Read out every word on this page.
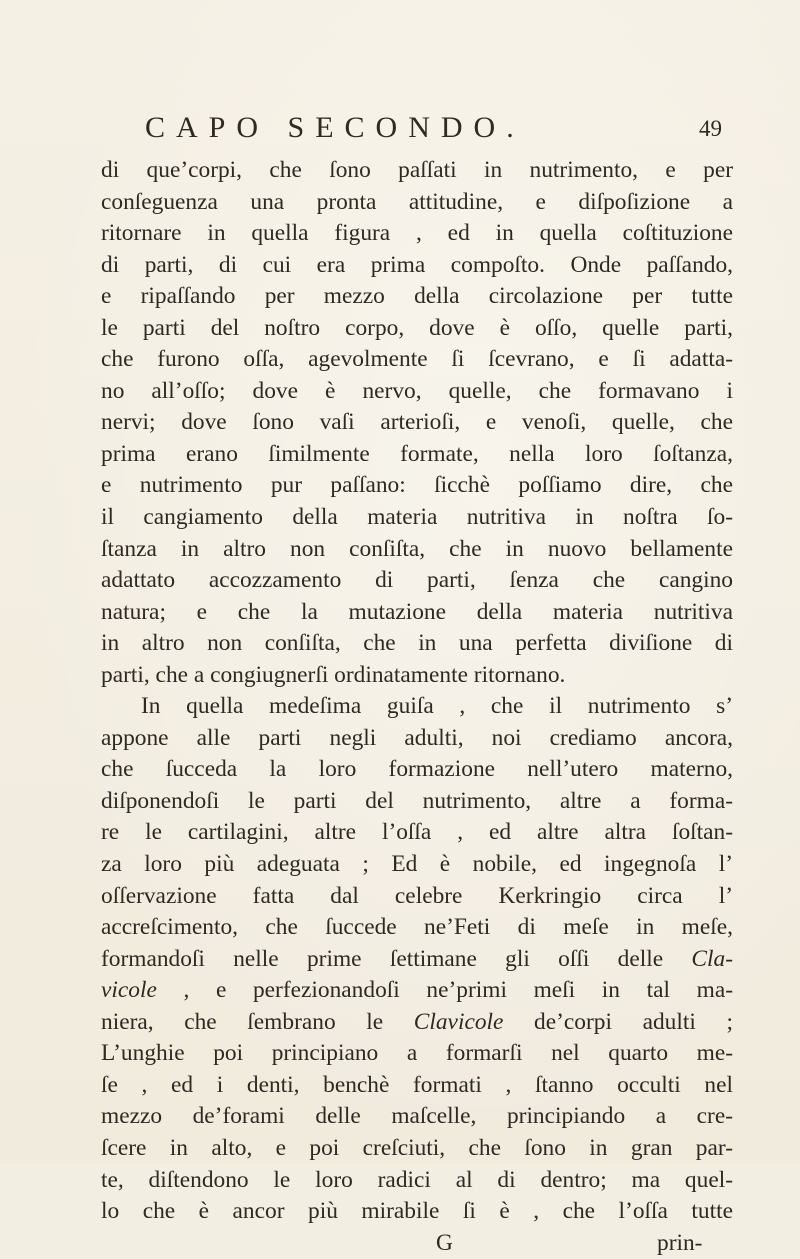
CAPO SECONDO.	49
di que’corpi, che ſono paſſati in nutrimento, e per
conſeguenza una pronta attitudine, e diſpoſizione a
ritornare in quella figura , ed in quella coſtituzione
di parti, di cui era prima compoſto. Onde paſſando,
e ripaſſando per mezzo della circolazione per tutte
le parti del noſtro corpo, dove è oſſo, quelle parti,
che furono oſſa, agevolmente ſi ſcevrano, e ſi adatta-
no all’oſſo; dove è nervo, quelle, che formavano i
nervi; dove ſono vaſi arterioſi, e venoſi, quelle, che
prima erano ſimilmente formate, nella loro ſoſtanza,
e nutrimento pur paſſano: ſicchè poſſiamo dire, che
il cangiamento della materia nutritiva in noſtra ſo-
ſtanza in altro non conſiſta, che in nuovo bellamente
adattato accozzamento di parti, ſenza che cangino
natura; e che la mutazione della materia nutritiva
in altro non conſiſta, che in una perfetta diviſione di
parti, che a congiugnerſi ordinatamente ritornano.
In quella medeſima guiſa , che il nutrimento s’
appone alle parti negli adulti, noi crediamo ancora,
che ſucceda la loro formazione nell’utero materno,
diſponendoſi le parti del nutrimento, altre a forma-
re le cartilagini, altre l’oſſa , ed altre altra ſoſtan-
za loro più adeguata ; Ed è nobile, ed ingegnoſa l’
oſſervazione fatta dal celebre Kerkringio circa l’
accreſcimento, che ſuccede ne’Feti di meſe in meſe,
formandoſi nelle prime ſettimane gli oſſi delle Cla-
vicole , e perfezionandoſi ne’primi meſi in tal ma-
niera, che ſembrano le Clavicole de’corpi adulti ;
L’unghie poi principiano a formarſi nel quarto me-
ſe , ed i denti, benchè formati , ſtanno occulti nel
mezzo de’forami delle maſcelle, principiando a cre-
ſcere in alto, e poi creſciuti, che ſono in gran par-
te, diſtendono le loro radici al di dentro; ma quel-
lo che è ancor più mirabile ſi è , che l’oſſa tutte
G	prin-
